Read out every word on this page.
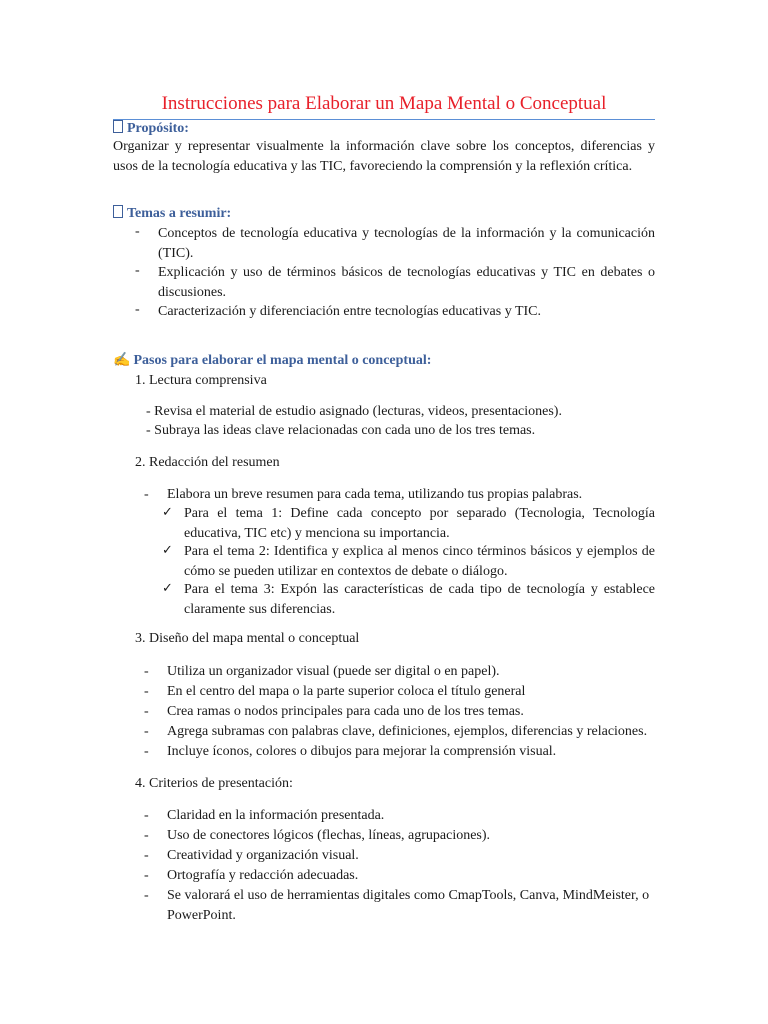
Instrucciones para Elaborar un Mapa Mental o Conceptual
Propósito:
Organizar y representar visualmente la información clave sobre los conceptos, diferencias y usos de la tecnología educativa y las TIC, favoreciendo la comprensión y la reflexión crítica.
Temas a resumir:
-	Conceptos de tecnología educativa y tecnologías de la información y la comunicación (TIC).
-	Explicación y uso de términos básicos de tecnologías educativas y TIC en debates o discusiones.
-	Caracterización y diferenciación entre tecnologías educativas y TIC.
✍ Pasos para elaborar el mapa mental o conceptual:
1. Lectura comprensiva
- Revisa el material de estudio asignado (lecturas, videos, presentaciones).
- Subraya las ideas clave relacionadas con cada uno de los tres temas.
2. Redacción del resumen
-	Elabora un breve resumen para cada tema, utilizando tus propias palabras.
✓ Para el tema 1: Define cada concepto por separado (Tecnologia, Tecnología educativa, TIC etc) y menciona su importancia.
✓ Para el tema 2: Identifica y explica al menos cinco términos básicos y ejemplos de cómo se pueden utilizar en contextos de debate o diálogo.
✓ Para el tema 3: Expón las características de cada tipo de tecnología y establece claramente sus diferencias.
3. Diseño del mapa mental o conceptual
-	Utiliza un organizador visual (puede ser digital o en papel).
-	En el centro del mapa o la parte superior coloca el título general
-	Crea ramas o nodos principales para cada uno de los tres temas.
-	Agrega subramas con palabras clave, definiciones, ejemplos, diferencias y relaciones.
-	Incluye íconos, colores o dibujos para mejorar la comprensión visual.
4. Criterios de presentación:
-	Claridad en la información presentada.
-	Uso de conectores lógicos (flechas, líneas, agrupaciones).
-	Creatividad y organización visual.
-	Ortografía y redacción adecuadas.
-	Se valorará el uso de herramientas digitales como CmapTools, Canva, MindMeister, o PowerPoint.
